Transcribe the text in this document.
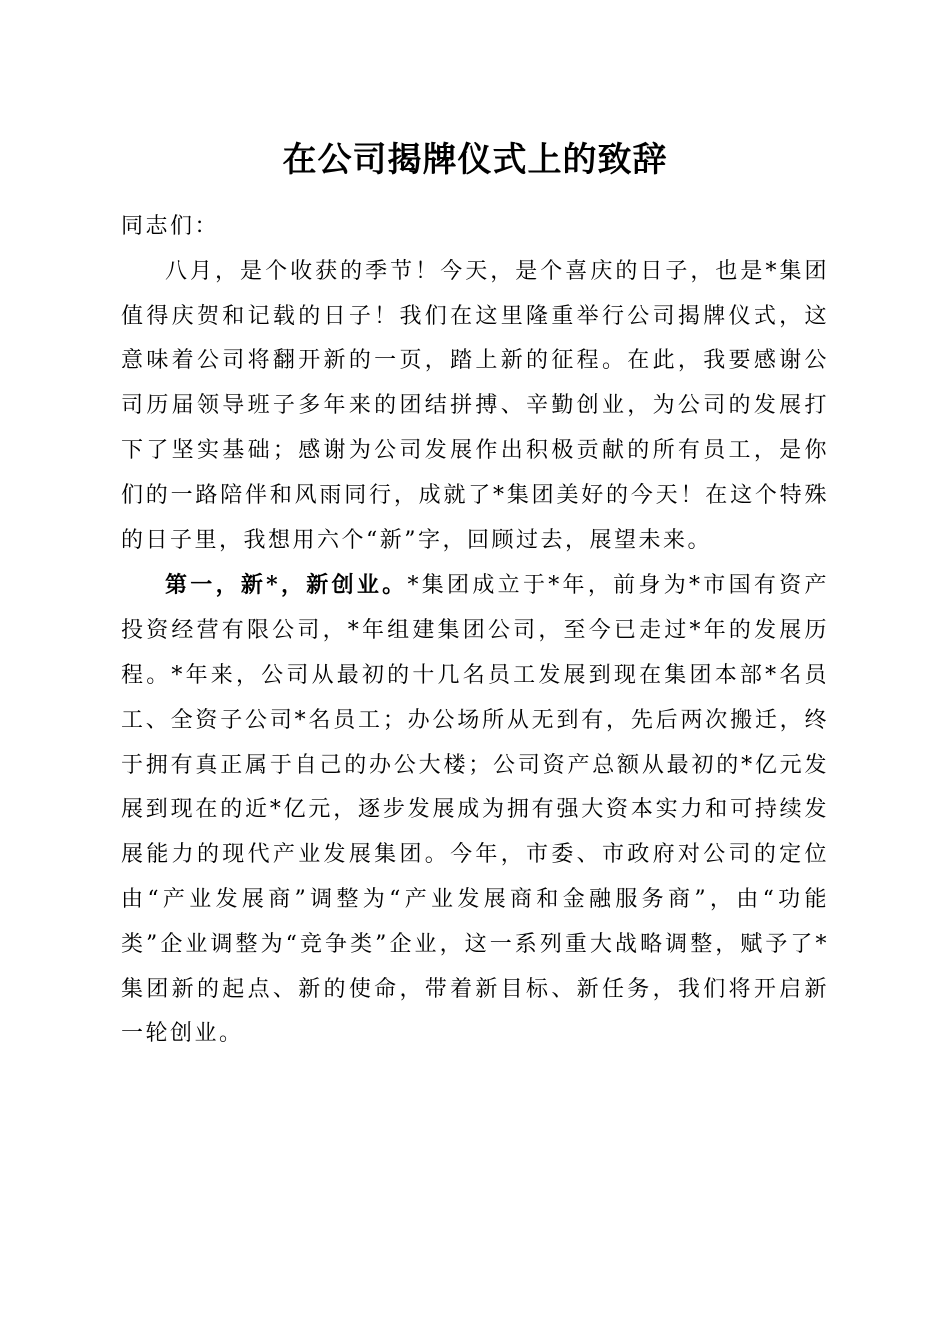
在公司揭牌仪式上的致辞

同志们：

八月，是个收获的季节！今天，是个喜庆的日子，也是*集团值得庆贺和记载的日子！我们在这里隆重举行公司揭牌仪式，这意味着公司将翻开新的一页，踏上新的征程。在此，我要感谢公司历届领导班子多年来的团结拼搏、辛勤创业，为公司的发展打下了坚实基础；感谢为公司发展作出积极贡献的所有员工，是你们的一路陪伴和风雨同行，成就了*集团美好的今天！在这个特殊的日子里，我想用六个“新”字，回顾过去，展望未来。

第一，新*，新创业。*集团成立于*年，前身为*市国有资产投资经营有限公司，*年组建集团公司，至今已走过*年的发展历程。*年来，公司从最初的十几名员工发展到现在集团本部*名员工、全资子公司*名员工；办公场所从无到有，先后两次搬迁，终于拥有真正属于自己的办公大楼；公司资产总额从最初的*亿元发展到现在的近*亿元，逐步发展成为拥有强大资本实力和可持续发展能力的现代产业发展集团。今年，市委、市政府对公司的定位由“产业发展商”调整为“产业发展商和金融服务商”，由“功能类”企业调整为“竞争类”企业，这一系列重大战略调整，赋予了*集团新的起点、新的使命，带着新目标、新任务，我们将开启新一轮创业。
